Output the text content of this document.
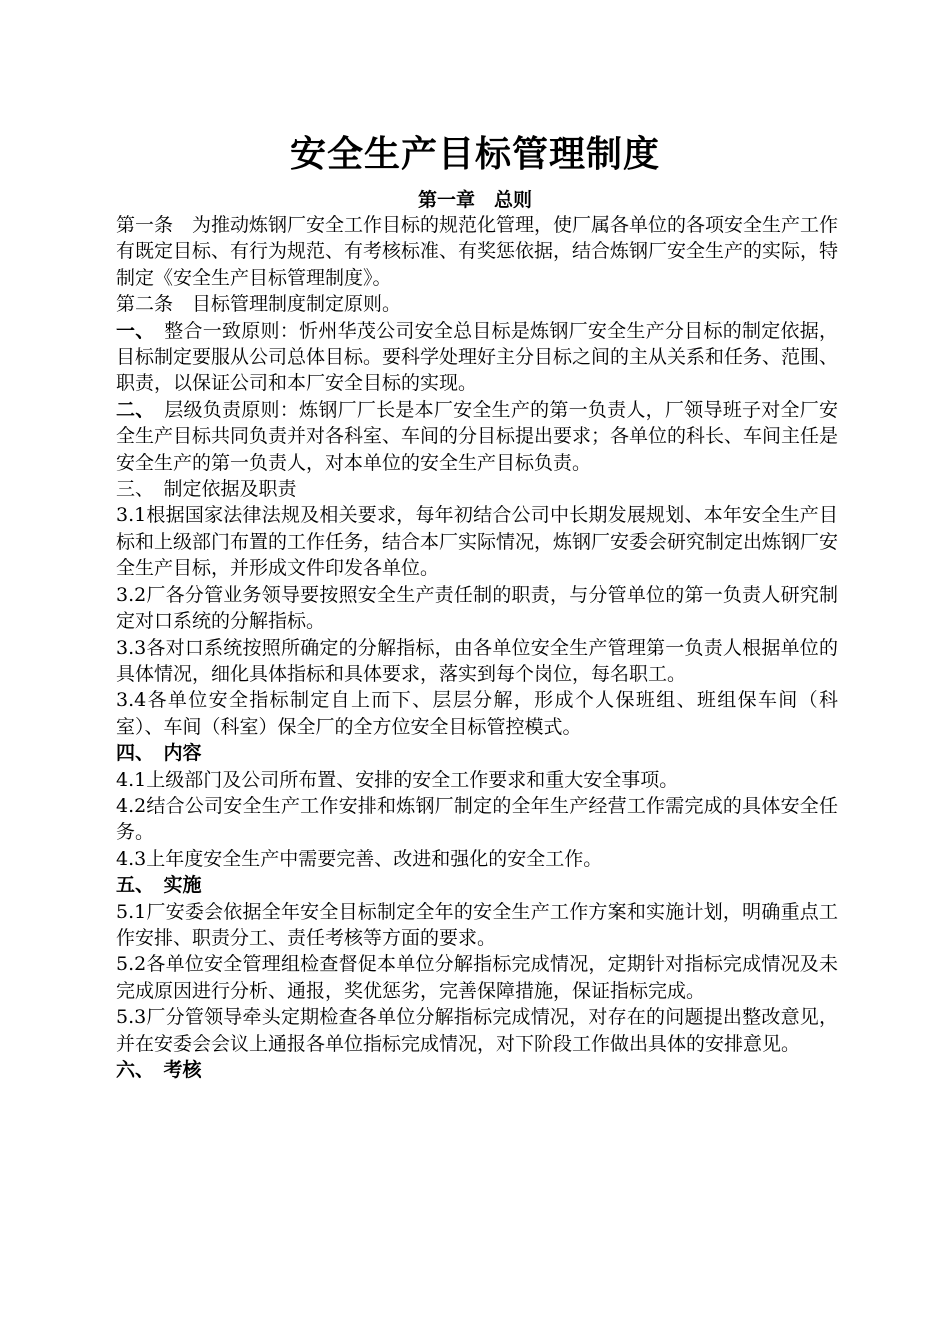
安全生产目标管理制度
第一章　总则

第一条　为推动炼钢厂安全工作目标的规范化管理，使厂属各单位的各项安全生产工作有既定目标、有行为规范、有考核标准、有奖惩依据，结合炼钢厂安全生产的实际，特制定《安全生产目标管理制度》。

第二条　目标管理制度制定原则。

一、　整合一致原则：忻州华茂公司安全总目标是炼钢厂安全生产分目标的制定依据，目标制定要服从公司总体目标。要科学处理好主分目标之间的主从关系和任务、范围、职责，以保证公司和本厂安全目标的实现。

二、　层级负责原则：炼钢厂厂长是本厂安全生产的第一负责人，厂领导班子对全厂安全生产目标共同负责并对各科室、车间的分目标提出要求；各单位的科长、车间主任是安全生产的第一负责人，对本单位的安全生产目标负责。

三、　制定依据及职责

3.1根据国家法律法规及相关要求，每年初结合公司中长期发展规划、本年安全生产目标和上级部门布置的工作任务，结合本厂实际情况，炼钢厂安委会研究制定出炼钢厂安全生产目标，并形成文件印发各单位。

3.2厂各分管业务领导要按照安全生产责任制的职责，与分管单位的第一负责人研究制定对口系统的分解指标。

3.3各对口系统按照所确定的分解指标，由各单位安全生产管理第一负责人根据单位的具体情况，细化具体指标和具体要求，落实到每个岗位，每名职工。

3.4各单位安全指标制定自上而下、层层分解，形成个人保班组、班组保车间（科室）、车间（科室）保全厂的全方位安全目标管控模式。

四、　内容

4.1上级部门及公司所布置、安排的安全工作要求和重大安全事项。

4.2结合公司安全生产工作安排和炼钢厂制定的全年生产经营工作需完成的具体安全任务。

4.3上年度安全生产中需要完善、改进和强化的安全工作。

五、　实施

5.1厂安委会依据全年安全目标制定全年的安全生产工作方案和实施计划，明确重点工作安排、职责分工、责任考核等方面的要求。

5.2各单位安全管理组检查督促本单位分解指标完成情况，定期针对指标完成情况及未完成原因进行分析、通报，奖优惩劣，完善保障措施，保证指标完成。

5.3厂分管领导牵头定期检查各单位分解指标完成情况，对存在的问题提出整改意见，并在安委会会议上通报各单位指标完成情况，对下阶段工作做出具体的安排意见。

六、　考核
